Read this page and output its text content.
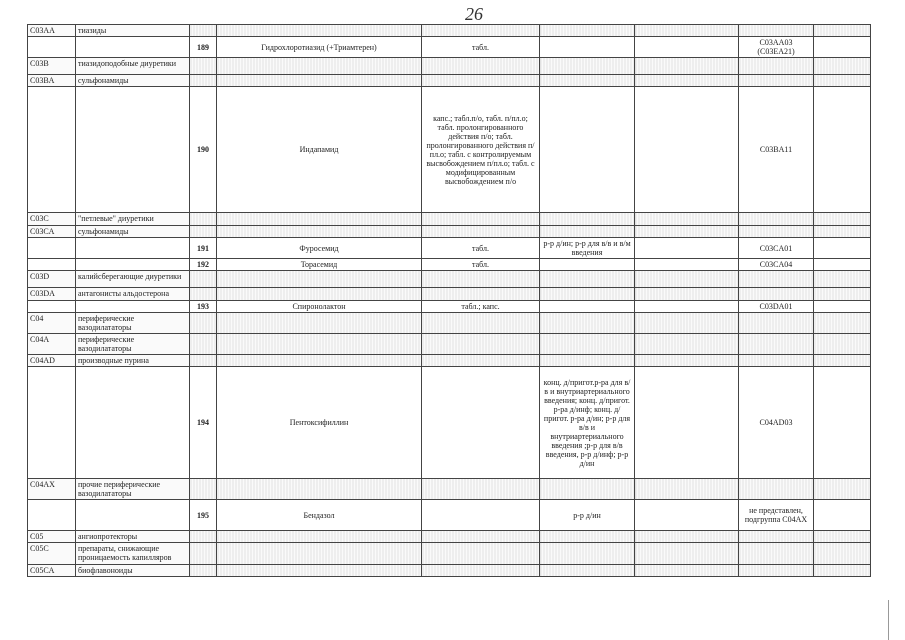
26
C03AA	тиазиды							
		189	Гидрохлоротиазид (+Триамтерен)	табл.			C03AA03 (C03EA21)	
C03B	тиазидоподобные диуретики							
C03BA	сульфонамиды							
		190	Индапамид	капс.; табл.п/о, табл. п/пл.о; табл. пролонгированного действия п/о; табл. пролонгированного действия п/пл.о; табл. с контролируемым высвобождением п/пл.о; табл. с модифицированным высвобождением п/о			C03BA11	
C03C	"петлевые" диуретики							
C03CA	сульфонамиды							
		191	Фуросемид	табл.	р-р д/ин; р-р для в/в и в/м введения		C03CA01	
		192	Торасемид	табл.			C03CA04	
C03D	калийсберегающие диуретики							
C03DA	антагонисты альдостерона							
		193	Спиронолактон	табл.; капс.			C03DA01	
C04	периферические вазодилататоры							
C04A	периферические вазодилататоры							
C04AD	производные пурина							
		194	Пентоксифиллин		конц. д/пригот.р-ра для в/в и внутриартериального введения; конц. д/пригот. р-ра д/инф; конц. д/пригот. р-ра д/ин; р-р для в/в и внутриартериального введения ;р-р для в/в введения, р-р д/инф; р-р д/ин		C04AD03	
C04AX	прочие периферические вазодилататоры							
		195	Бендазол		р-р д/ин		не представлен, подгруппа C04AX	
C05	ангиопротекторы							
C05C	препараты, снижающие проницаемость капилляров							
C05CA	биофлавоноиды							
